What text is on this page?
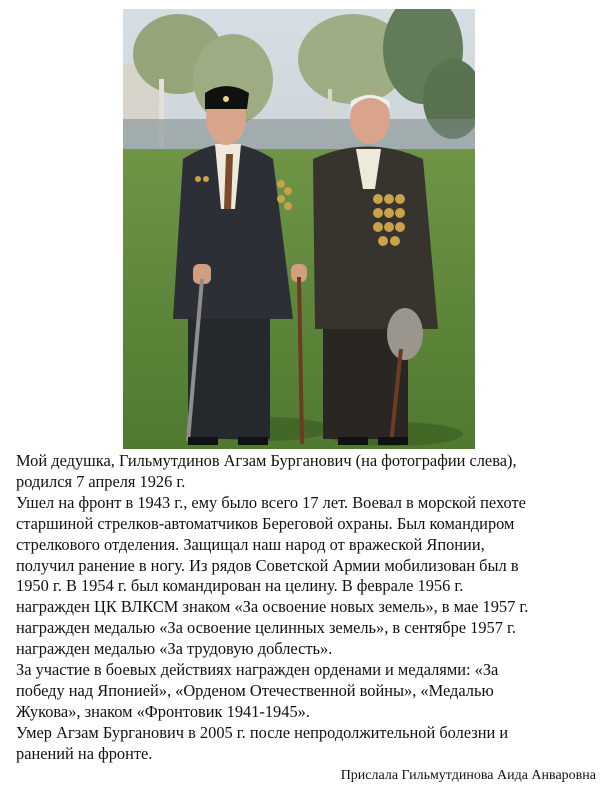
Мой дедушка, Гильмутдинов Агзам Бурганович (на фотографии слева),
родился 7 апреля 1926 г.
Ушел на фронт в 1943 г., ему было всего 17 лет. Воевал в морской пехоте
старшиной стрелков-автоматчиков Береговой охраны. Был командиром
стрелкового отделения. Защищал наш народ от вражеской Японии,
получил ранение в ногу. Из рядов Советской Армии мобилизован был в
1950 г. В 1954 г. был командирован на целину. В феврале 1956 г.
награжден ЦК ВЛКСМ знаком «За освоение новых земель», в мае 1957 г.
награжден медалью «За освоение целинных земель», в сентябре 1957 г.
награжден медалью «За трудовую доблесть».
За участие в боевых действиях награжден орденами и медалями: «За
победу над Японией», «Орденом Отечественной войны», «Медалью
Жукова», знаком «Фронтовик 1941-1945».
Умер Агзам Бурганович в 2005 г. после непродолжительной болезни и
ранений на фронте.
Прислала Гильмутдинова Аида Анваровна
